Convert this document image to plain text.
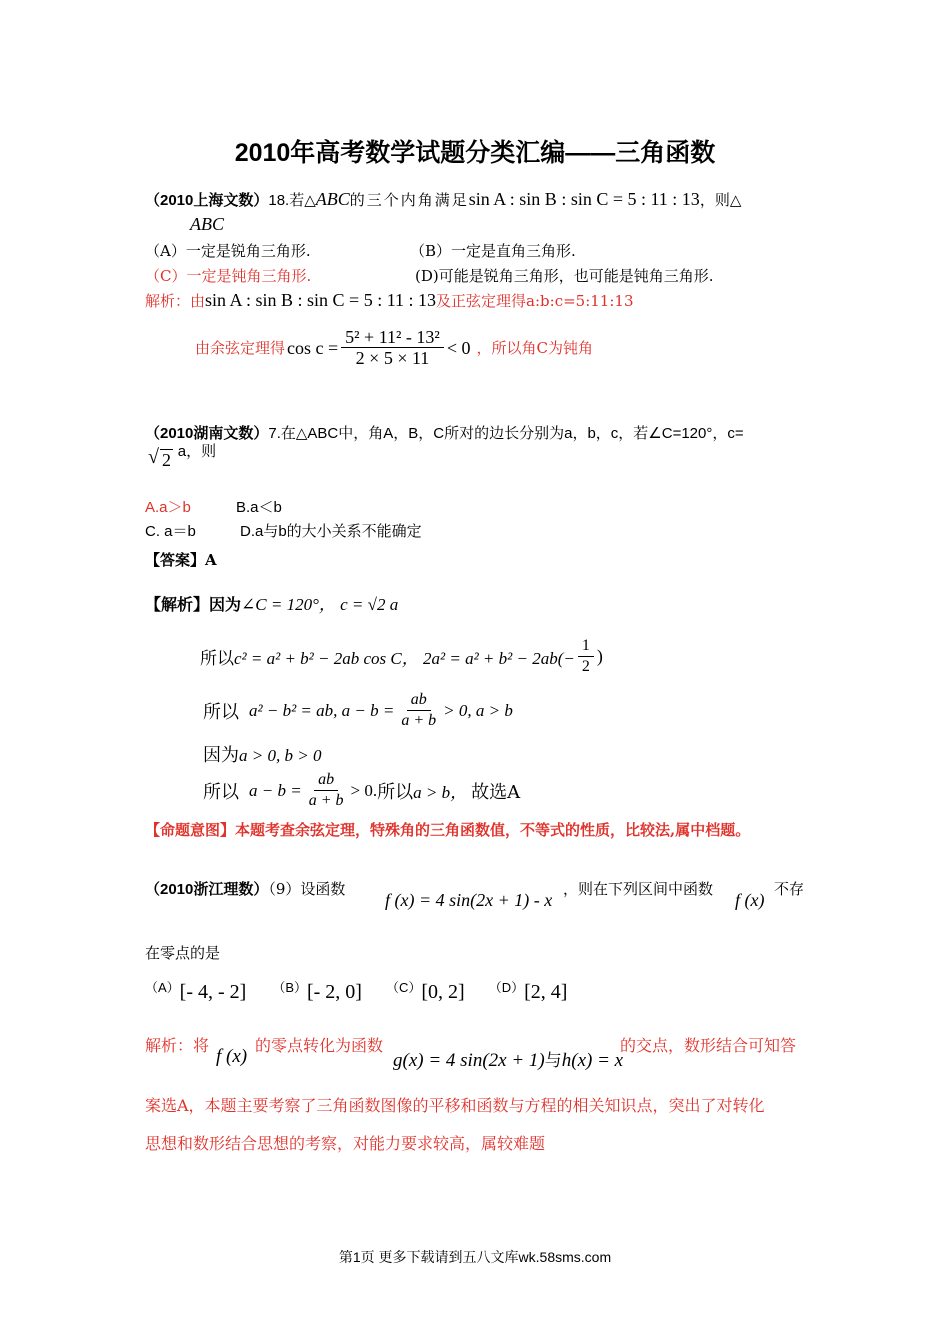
2010年高考数学试题分类汇编——三角函数
（2010上海文数）18.若△ABC的三个内角满足sin A : sin B : sin C = 5 : 11 : 13，则△
ABC
（A）一定是锐角三角形.	（B）一定是直角三角形.
（C）一定是钝角三角形.	(D)可能是锐角三角形，也可能是钝角三角形.
解析：由sin A : sin B : sin C = 5 : 11 : 13及正弦定理得a:b:c=5:11:13
由余弦定理得 $\cos c = \frac{\text{5² + 11² - 13²}}{2 \times 5 \times 11} < 0$ ，所以角C为钝角
（2010湖南文数）7.在△ABC中，角A，B，C所对的边长分别为a，b，c，若∠C=120°，c=
√ 2 a，则
A.a＞b	B.a＜b
C. a＝b	D.a与b的大小关系不能确定
【答案】A
【解析】因为∠C = 120°， c = √2 a
所以 c² = a² + b² − 2ab cos C， $2a^2 = a^2 + b^2 - 2ab(- \frac{1}{2}$ )
所以 a² − b² = ab, $a - b = \frac{ab}{a + b} > 0$, a > b
因为a > 0, b > 0
所以 $a - b = \frac{ab}{a + b} > 0$. 所以 a > b， 故选A
【命题意图】本题考查余弦定理，特殊角的三角函数值，不等式的性质，比较法,属中档题。
（2010浙江理数）（9）设函数
f (x) = 4 sin(2x + 1) - x
，则在下列区间中函数
f (x)
不存
在零点的是
（A） [- 4, - 2] （B） [- 2, 0] （C） [0, 2] （D） [2, 4]
解析：将
f (x)
的零点转化为函数
g(x) = 4 sin(2x + 1)与h(x) = x
的交点，数形结合可知答
案选A，本题主要考察了三角函数图像的平移和函数与方程的相关知识点，突出了对转化
思想和数形结合思想的考察，对能力要求较高，属较难题
第1页 更多下载请到五八文库wk.58sms.com
